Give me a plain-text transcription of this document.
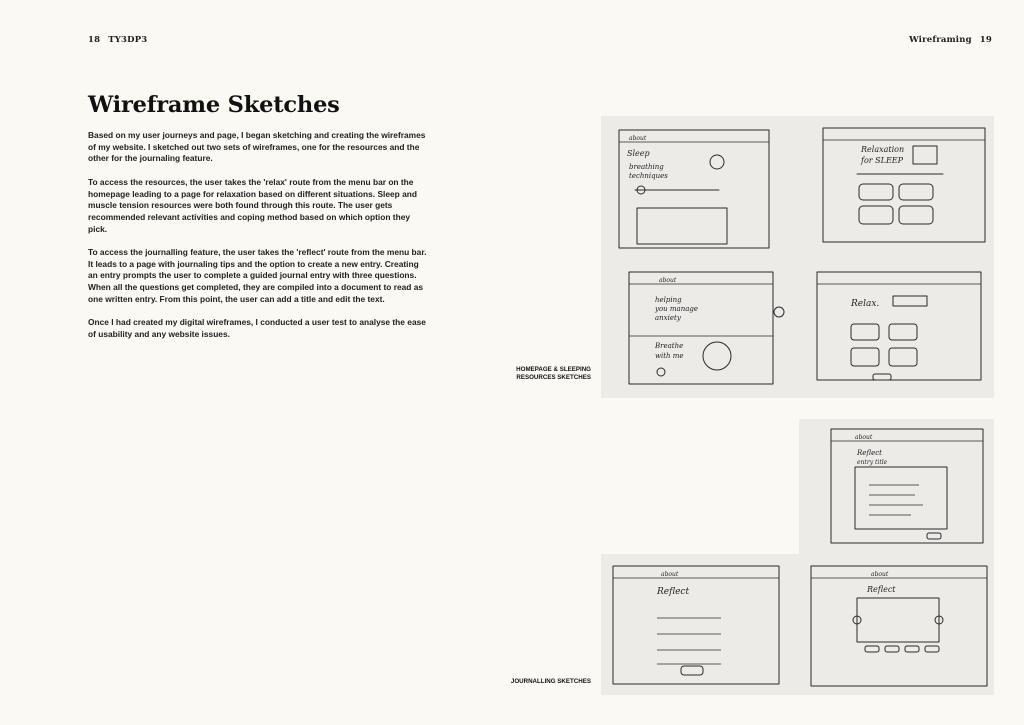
18 TY3DP3	Wireframing 19
Wireframe Sketches

Based on my user journeys and page, I began sketching and creating the wireframes of my website. I sketched out two sets of wireframes, one for the resources and the other for the journaling feature.

To access the resources, the user takes the 'relax' route from the menu bar on the homepage leading to a page for relaxation based on different situations. Sleep and muscle tension resources were both found through this route. The user gets recommended relevant activities and coping method based on which option they pick.

To access the journalling feature, the user takes the 'reflect' route from the menu bar. It leads to a page with journaling tips and the option to create a new entry. Creating an entry prompts the user to complete a guided journal entry with three questions. When all the questions get completed, they are compiled into a document to read as one written entry. From this point, the user can add a title and edit the text.

Once I had created my digital wireframes, I conducted a user test to analyse the ease of usability and any website issues.

HOMEPAGE & SLEEPING RESOURCES SKETCHES
JOURNALLING SKETCHES
about
Sleep
breathing
techniques
Relaxation
for SLEEP
about
helping
you manage
anxiety
Breathe
with me
Relax.
about
Reflect
entry title
about
Reflect
about
Reflect
